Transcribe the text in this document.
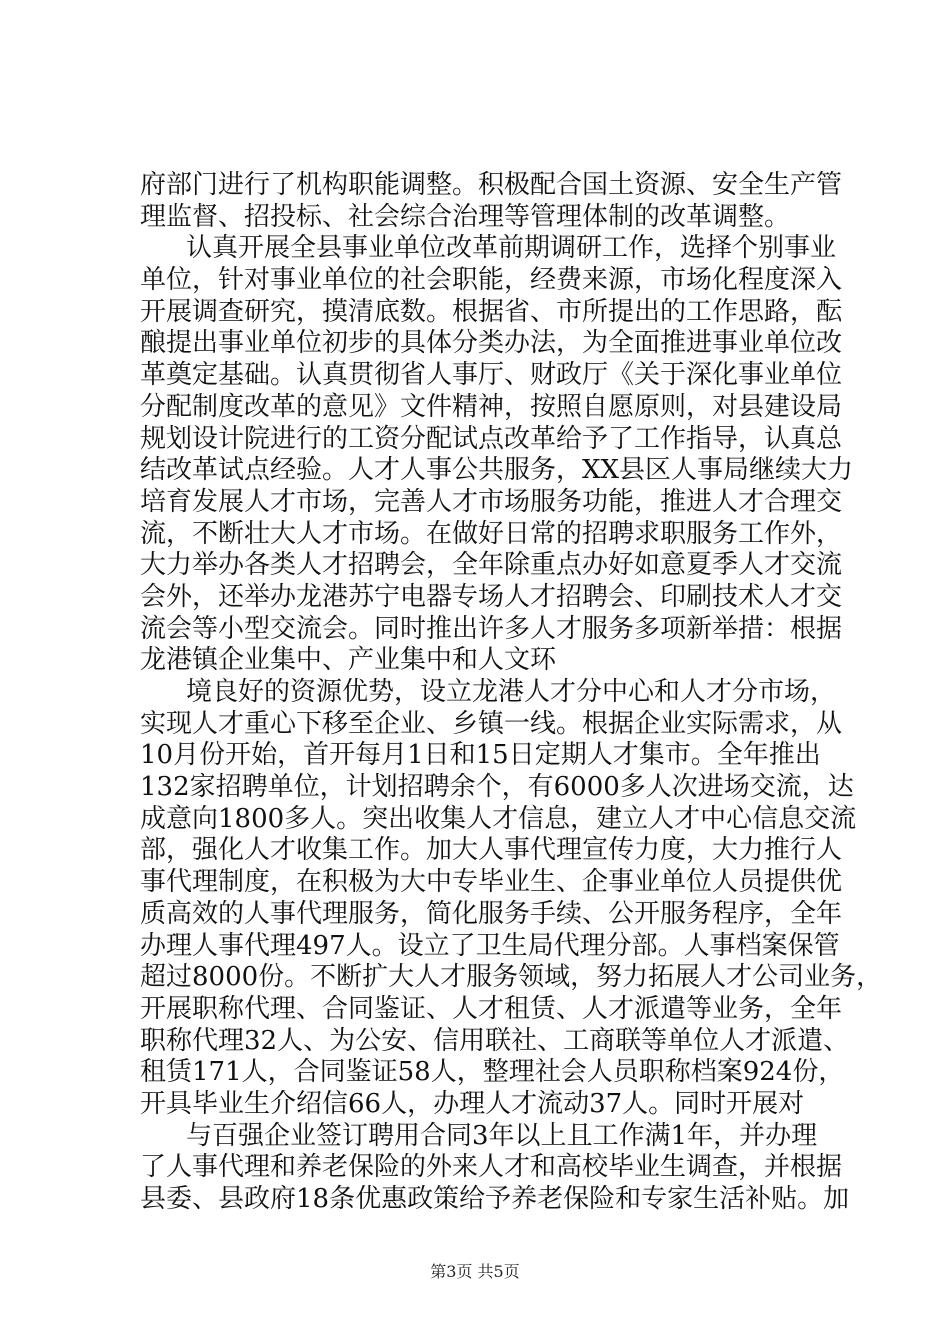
府部门进行了机构职能调整。积极配合国土资源、安全生产管
理监督、招投标、社会综合治理等管理体制的改革调整。
认真开展全县事业单位改革前期调研工作，选择个别事业
单位，针对事业单位的社会职能，经费来源，市场化程度深入
开展调查研究，摸清底数。根据省、市所提出的工作思路，酝
酿提出事业单位初步的具体分类办法，为全面推进事业单位改
革奠定基础。认真贯彻省人事厅、财政厅《关于深化事业单位
分配制度改革的意见》文件精神，按照自愿原则，对县建设局
规划设计院进行的工资分配试点改革给予了工作指导，认真总
结改革试点经验。人才人事公共服务，XX县区人事局继续大力
培育发展人才市场，完善人才市场服务功能，推进人才合理交
流，不断壮大人才市场。在做好日常的招聘求职服务工作外，
大力举办各类人才招聘会，全年除重点办好如意夏季人才交流
会外，还举办龙港苏宁电器专场人才招聘会、印刷技术人才交
流会等小型交流会。同时推出许多人才服务多项新举措：根据
龙港镇企业集中、产业集中和人文环
境良好的资源优势，设立龙港人才分中心和人才分市场，
实现人才重心下移至企业、乡镇一线。根据企业实际需求，从
10月份开始，首开每月1日和15日定期人才集市。全年推出
132家招聘单位，计划招聘余个，有6000多人次进场交流，达
成意向1800多人。突出收集人才信息，建立人才中心信息交流
部，强化人才收集工作。加大人事代理宣传力度，大力推行人
事代理制度，在积极为大中专毕业生、企事业单位人员提供优
质高效的人事代理服务，简化服务手续、公开服务程序，全年
办理人事代理497人。设立了卫生局代理分部。人事档案保管
超过8000份。不断扩大人才服务领域，努力拓展人才公司业务，
开展职称代理、合同鉴证、人才租赁、人才派遣等业务，全年
职称代理32人、为公安、信用联社、工商联等单位人才派遣、
租赁171人，合同鉴证58人，整理社会人员职称档案924份，
开具毕业生介绍信66人，办理人才流动37人。同时开展对
与百强企业签订聘用合同3年以上且工作满1年，并办理
了人事代理和养老保险的外来人才和高校毕业生调查，并根据
县委、县政府18条优惠政策给予养老保险和专家生活补贴。加
第3页 共5页
